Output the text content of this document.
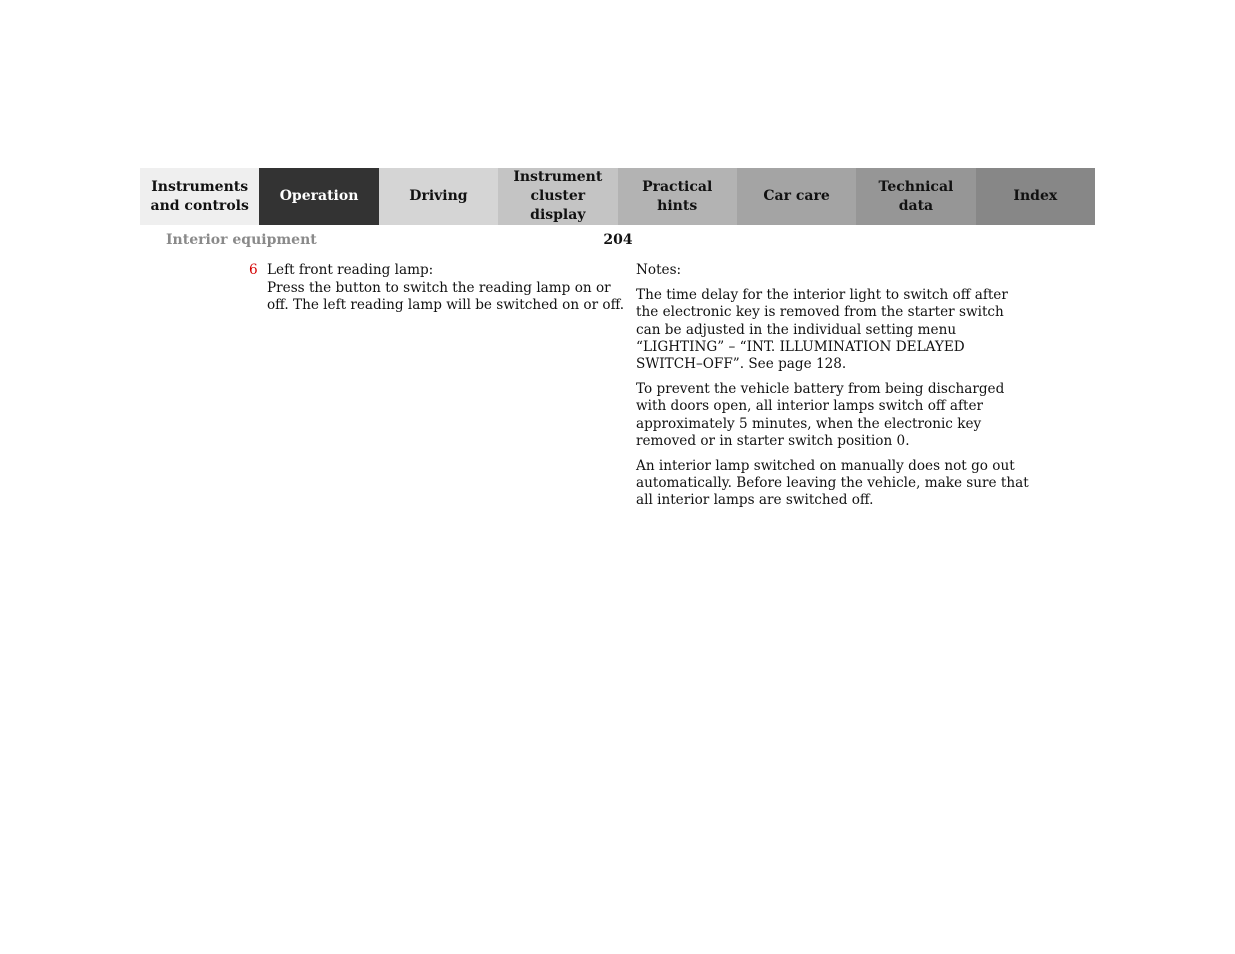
Instruments
and controls
Operation	Driving
Instrument
cluster display
Practical hints
Car care
Technical
data
Index
Interior equipment	204
6 Left front reading lamp:
Press the button to switch the reading lamp on or
off. The left reading lamp will be switched on or off.
Notes:
The time delay for the interior light to switch off after
the electronic key is removed from the starter switch
can be adjusted in the individual setting menu
“LIGHTING” – “INT. ILLUMINATION DELAYED
SWITCH–OFF”. See page 128.
To prevent the vehicle battery from being discharged
with doors open, all interior lamps switch off after
approximately 5 minutes, when the electronic key
removed or in starter switch position 0.
An interior lamp switched on manually does not go out
automatically. Before leaving the vehicle, make sure that
all interior lamps are switched off.
